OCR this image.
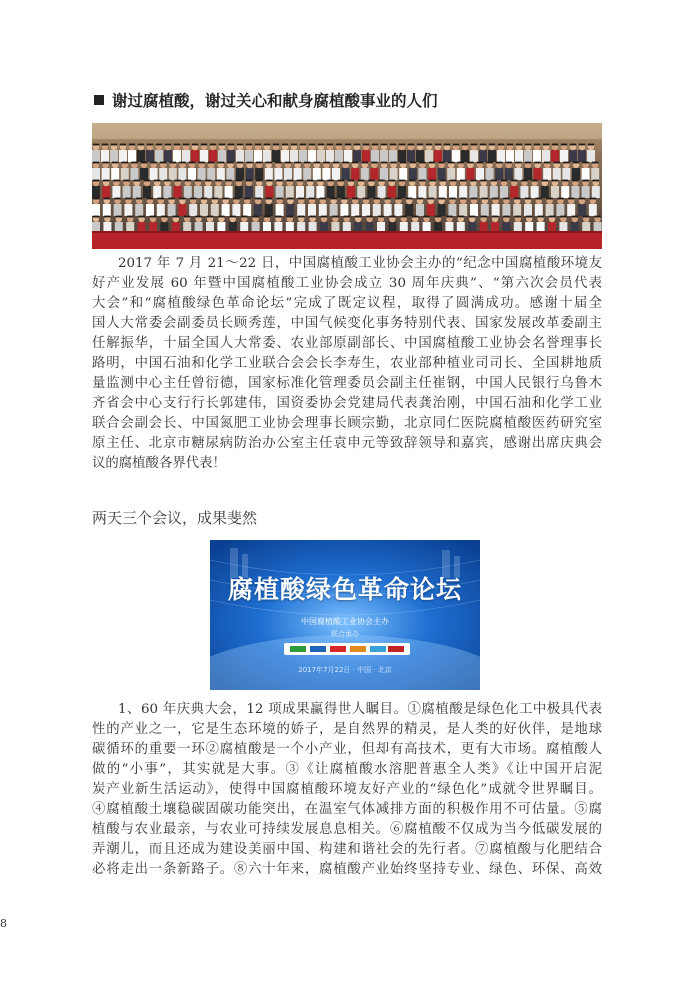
谢过腐植酸，谢过关心和献身腐植酸事业的人们
2017 年 7 月 21～22 日，中国腐植酸工业协会主办的“纪念中国腐植酸环境友
好产业发展 60 年暨中国腐植酸工业协会成立 30 周年庆典”、“第六次会员代表
大会”和“腐植酸绿色革命论坛”完成了既定议程，取得了圆满成功。感谢十届全
国人大常委会副委员长顾秀莲，中国气候变化事务特别代表、国家发展改革委副主
任解振华，十届全国人大常委、农业部原副部长、中国腐植酸工业协会名誉理事长
路明，中国石油和化学工业联合会会长李寿生，农业部种植业司司长、全国耕地质
量监测中心主任曾衍德，国家标准化管理委员会副主任崔钢，中国人民银行乌鲁木
齐省会中心支行行长郭建伟，国资委协会党建局代表龚治刚，中国石油和化学工业
联合会副会长、中国氮肥工业协会理事长顾宗勤，北京同仁医院腐植酸医药研究室
原主任、北京市糖尿病防治办公室主任袁申元等致辞领导和嘉宾，感谢出席庆典会
议的腐植酸各界代表！
两天三个会议，成果斐然
腐植酸绿色革命论坛
中国腐植酸工业协会主办
联合承办
2017年7月22日 · 中国 · 北京
1、60 年庆典大会，12 项成果赢得世人瞩目。①腐植酸是绿色化工中极具代表
性的产业之一，它是生态环境的娇子，是自然界的精灵，是人类的好伙伴，是地球
碳循环的重要一环②腐植酸是一个小产业，但却有高技术，更有大市场。腐植酸人
做的“小事”，其实就是大事。③《让腐植酸水溶肥普惠全人类》《让中国开启泥
炭产业新生活运动》，使得中国腐植酸环境友好产业的“绿色化”成就令世界瞩目。
④腐植酸土壤稳碳固碳功能突出，在温室气体减排方面的积极作用不可估量。⑤腐
植酸与农业最亲，与农业可持续发展息息相关。⑥腐植酸不仅成为当今低碳发展的
弄潮儿，而且还成为建设美丽中国、构建和谐社会的先行者。⑦腐植酸与化肥结合
必将走出一条新路子。⑧六十年来，腐植酸产业始终坚持专业、绿色、环保、高效
8
